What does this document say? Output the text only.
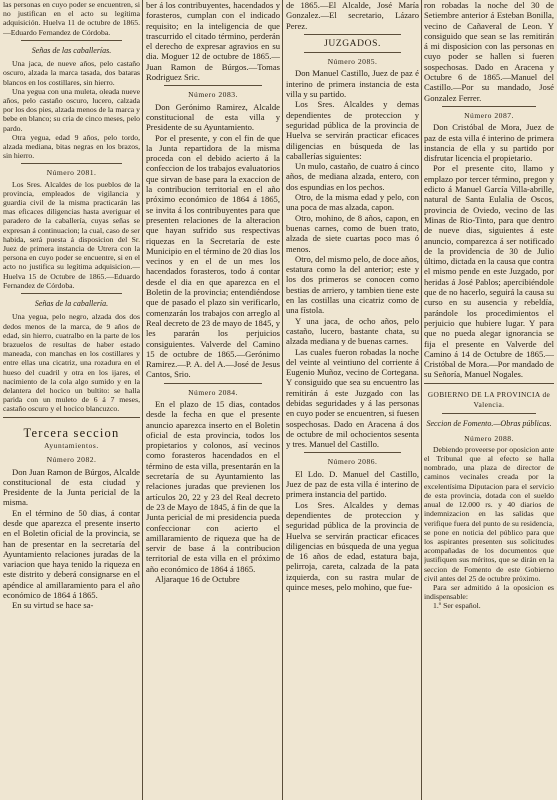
las personas en cuyo poder se encuentren, si no justifican en el acto su legítima adquisición. Huelva 11 de octubre de 1865.—Eduardo Fernandez de Córdoba.

Señas de las caballerías.

Una jaca, de nueve años, pelo castaño oscuro, alzada la marca tasada, dos bataras blancos en los costillares, sin hierro.

Una yegua con una muleta, oleada nueve años, pelo castaño oscuro, lucero, calzada por los dos pies, alzada menos de la marca y bebe en blanco; su cria de cinco meses, pelo pardo.

Otra yegua, edad 9 años, pelo tordo, alzada mediana, bitas negras en los brazos, sin hierro.

Número 2081.

Los Sres. Alcaldes de los pueblos de la provincia, empleados de vigilancia y guardia civil de la misma practicarán las mas eficaces diligencias hasta averiguar el paradero de la caballería, cuyas señas se expresan á continuacion; la cual, caso de ser habida, será puesta á disposicion del Sr. Juez de primera instancia de Utrera con la persona en cuyo poder se encuentre, si en el acto no justifica su legítima adquisicion.—Huelva 15 de Octubre de 1865.—Eduardo Fernandez de Córdoba.

Señas de la caballería.

Una yegua, pelo negro, alzada dos dos dedos menos de la marca, de 9 años de edad, sin hierro, cuatralbo en la parte de los brazuelos de resultas de haber estado maneada, con manchas en los costillares y entre ellas una cicatriz, una rozadura en el hueso del cuadril y otra en los ijares, el nacimiento de la cola algo sumido y en la delantera del hocico un bultito: se halla parida con un muleto de 6 á 7 meses, castaño oscuro y el hocico blancuzco.

Tercera seccion

Ayuntamientos.

Número 2082.

Don Juan Ramon de Búrgos, Alcalde constitucional de esta ciudad y Presidente de la Junta pericial de la misma.

En el término de 50 dias, á contar desde que aparezca el presente inserto en el Boletin oficial de la provincia, se han de presentar en la secretaría del Ayuntamiento relaciones juradas de la variacion que haya tenido la riqueza en este distrito y deberá consignarse en el apéndice al amillaramiento para el año económico de 1864 á 1865.

En su virtud se hace sa-

ber á los contribuyentes, hacendados y forasteros, cumplan con el indicado requisito; en la inteligencia de que trascurrido el citado término, perderán el derecho de expresar agravios en su dia. Moguer 12 de octubre de 1865.—Juan Ramon de Búrgos.—Tomas Rodriguez Sric.

Número 2083.

Don Gerónimo Ramirez, Alcalde constitucional de esta villa y Presidente de su Ayuntamiento.

Por el presente, y con el fin de que la Junta repartidora de la misma proceda con el debido acierto á la confeccion de los trabajos evaluatorios que sirvan de base para la exaccion de la contribucion territorial en el año próximo económico de 1864 á 1865, se invita á los contribuyentes para que presenten relaciones de la alteracion que hayan sufrido sus respectivas riquezas en la Secretaría de este Municipio en el término de 20 dias los vecinos y en el de un mes los hacendados forasteros, todo á contar desde el dia en que aparezca en el Boletin de la provincia; entendiéndose que de pasado el plazo sin verificarlo, comenzarán los trabajos con arreglo al Real decreto de 23 de mayo de 1845, y les pararán los perjuicios consiguientes. Valverde del Camino 15 de octubre de 1865.—Gerónimo Ramirez.—P. A. del A.—José de Jesus Cantos, Srio.

Número 2084.

En el plazo de 15 dias, contados desde la fecha en que el presente anuncio aparezca inserto en el Boletin oficial de esta provincia, todos los propietarios y colonos, así vecinos como forasteros hacendados en el término de esta villa, presentarán en la secretaría de su Ayuntamiento las relaciones juradas que previenen los artículos 20, 22 y 23 del Real decreto de 23 de Mayo de 1845, á fin de que la Junta pericial de mi presidencia pueda confeccionar con acierto el amillaramiento de riqueza que ha de servir de base á la contribucion territorial de esta villa en el próximo año económico de 1864 á 1865.

Aljaraque 16 de Octubre

de 1865.—El Alcalde, José María Gonzalez.—El secretario, Lázaro Perez.

JUZGADOS.

Número 2085.

Don Manuel Castillo, Juez de paz é interino de primera instancia de esta villa y su partido.

Los Sres. Alcaldes y demas dependientes de proteccion y seguridad pública de la provincia de Huelva se servirán practicar eficaces diligencias en búsqueda de las caballerías siguientes:

Un mulo, castaño, de cuatro á cinco años, de mediana alzada, entero, con dos espundias en los pechos.

Otro, de la misma edad y pelo, con una poca de mas alzada, capon.

Otro, mohino, de 8 años, capon, en buenas carnes, como de buen trato, alzada de siete cuartas poco mas ó menos.

Otro, del mismo pelo, de doce años, estatura como la del anterior; este y los dos primeros se conocen como bestias de arriero, y tambien tiene este en las costillas una cicatriz como de una fístola.

Y una jaca, de ocho años, pelo castaño, lucero, bastante chata, su alzada mediana y de buenas carnes.

Las cuales fueron robadas la noche del veinte al veintiuno del corriente á Eugenio Muñoz, vecino de Cortegana. Y consiguido que sea su encuentro las remitirán á este Juzgado con las debidas seguridades y á las personas en cuyo poder se encuentren, si fuesen sospechosas. Dado en Aracena á dos de octubre de mil ochocientos sesenta y tres. Manuel del Castillo.

Número 2086.

El Ldo. D. Manuel del Castillo, Juez de paz de esta villa é interino de primera instancia del partido.

Los Sres. Alcaldes y demas dependientes de proteccion y seguridad pública de la provincia de Huelva se servirán practicar eficaces diligencias en búsqueda de una yegua de 16 años de edad, estatura baja, pelirroja, careta, calzada de la pata izquierda, con su rastra mular de quince meses, pelo mohino, que fue-

ron robadas la noche del 30 de Setiembre anterior á Esteban Bonilla, vecino de Cañaveral de Leon. Y consiguido que sean se las remitirán á mi disposicion con las personas en cuyo poder se hallen si fueren sospechosas. Dado en Aracena y Octubre 6 de 1865.—Manuel del Castillo.—Por su mandado, José Gonzalez Ferrer.

Número 2087.

Don Cristóbal de Mora, Juez de paz de esta villa é interino de primera instancia de ella y su partido por disfrutar licencia el propietario.

Por el presente cito, llamo y emplazo por tercer término, pregon y edicto á Manuel García Villa-abrille, natural de Santa Eulalia de Oscos, provincia de Oviedo, vecino de las Minas de Rio-Tinto, para que dentro de nueve dias, siguientes á este anuncio, comparezca á ser notificado de la providencia de 30 de Julio último, dictada en la causa que contra el mismo pende en este Juzgado, por heridas á José Pablos; apercibiéndole que de no hacerlo, seguirá la causa su curso en su ausencia y rebeldía, parándole los procedimientos el perjuicio que hubiere lugar. Y para que no pueda alegar ignorancia se fija el presente en Valverde del Camino á 14 de Octubre de 1865.—Cristóbal de Mora.—Por mandado de su Señoría, Manuel Nogales.

GOBIERNO DE LA PROVINCIA de Valencia.

Seccion de Fomento.—Obras públicas.

Número 2088.

Debiendo proveerse por oposicion ante el Tribunal que al efecto se halla nombrado, una plaza de director de caminos vecinales creada por la excelentísima Diputacion para el servicio de esta provincia, dotada con el sueldo anual de 12.000 rs. y 40 diarios de indemnizacion en las salidas que verifique fuera del punto de su residencia, se pone en noticia del público para que los aspirantes presenten sus solicitudes acompañadas de los documentos que justifiquen sus méritos, que se dirán en la seccion de Fomento de este Gobierno civil antes del 25 de octubre próximo.

Para ser admitido á la oposicion es indispensable:

1.º Ser español.
